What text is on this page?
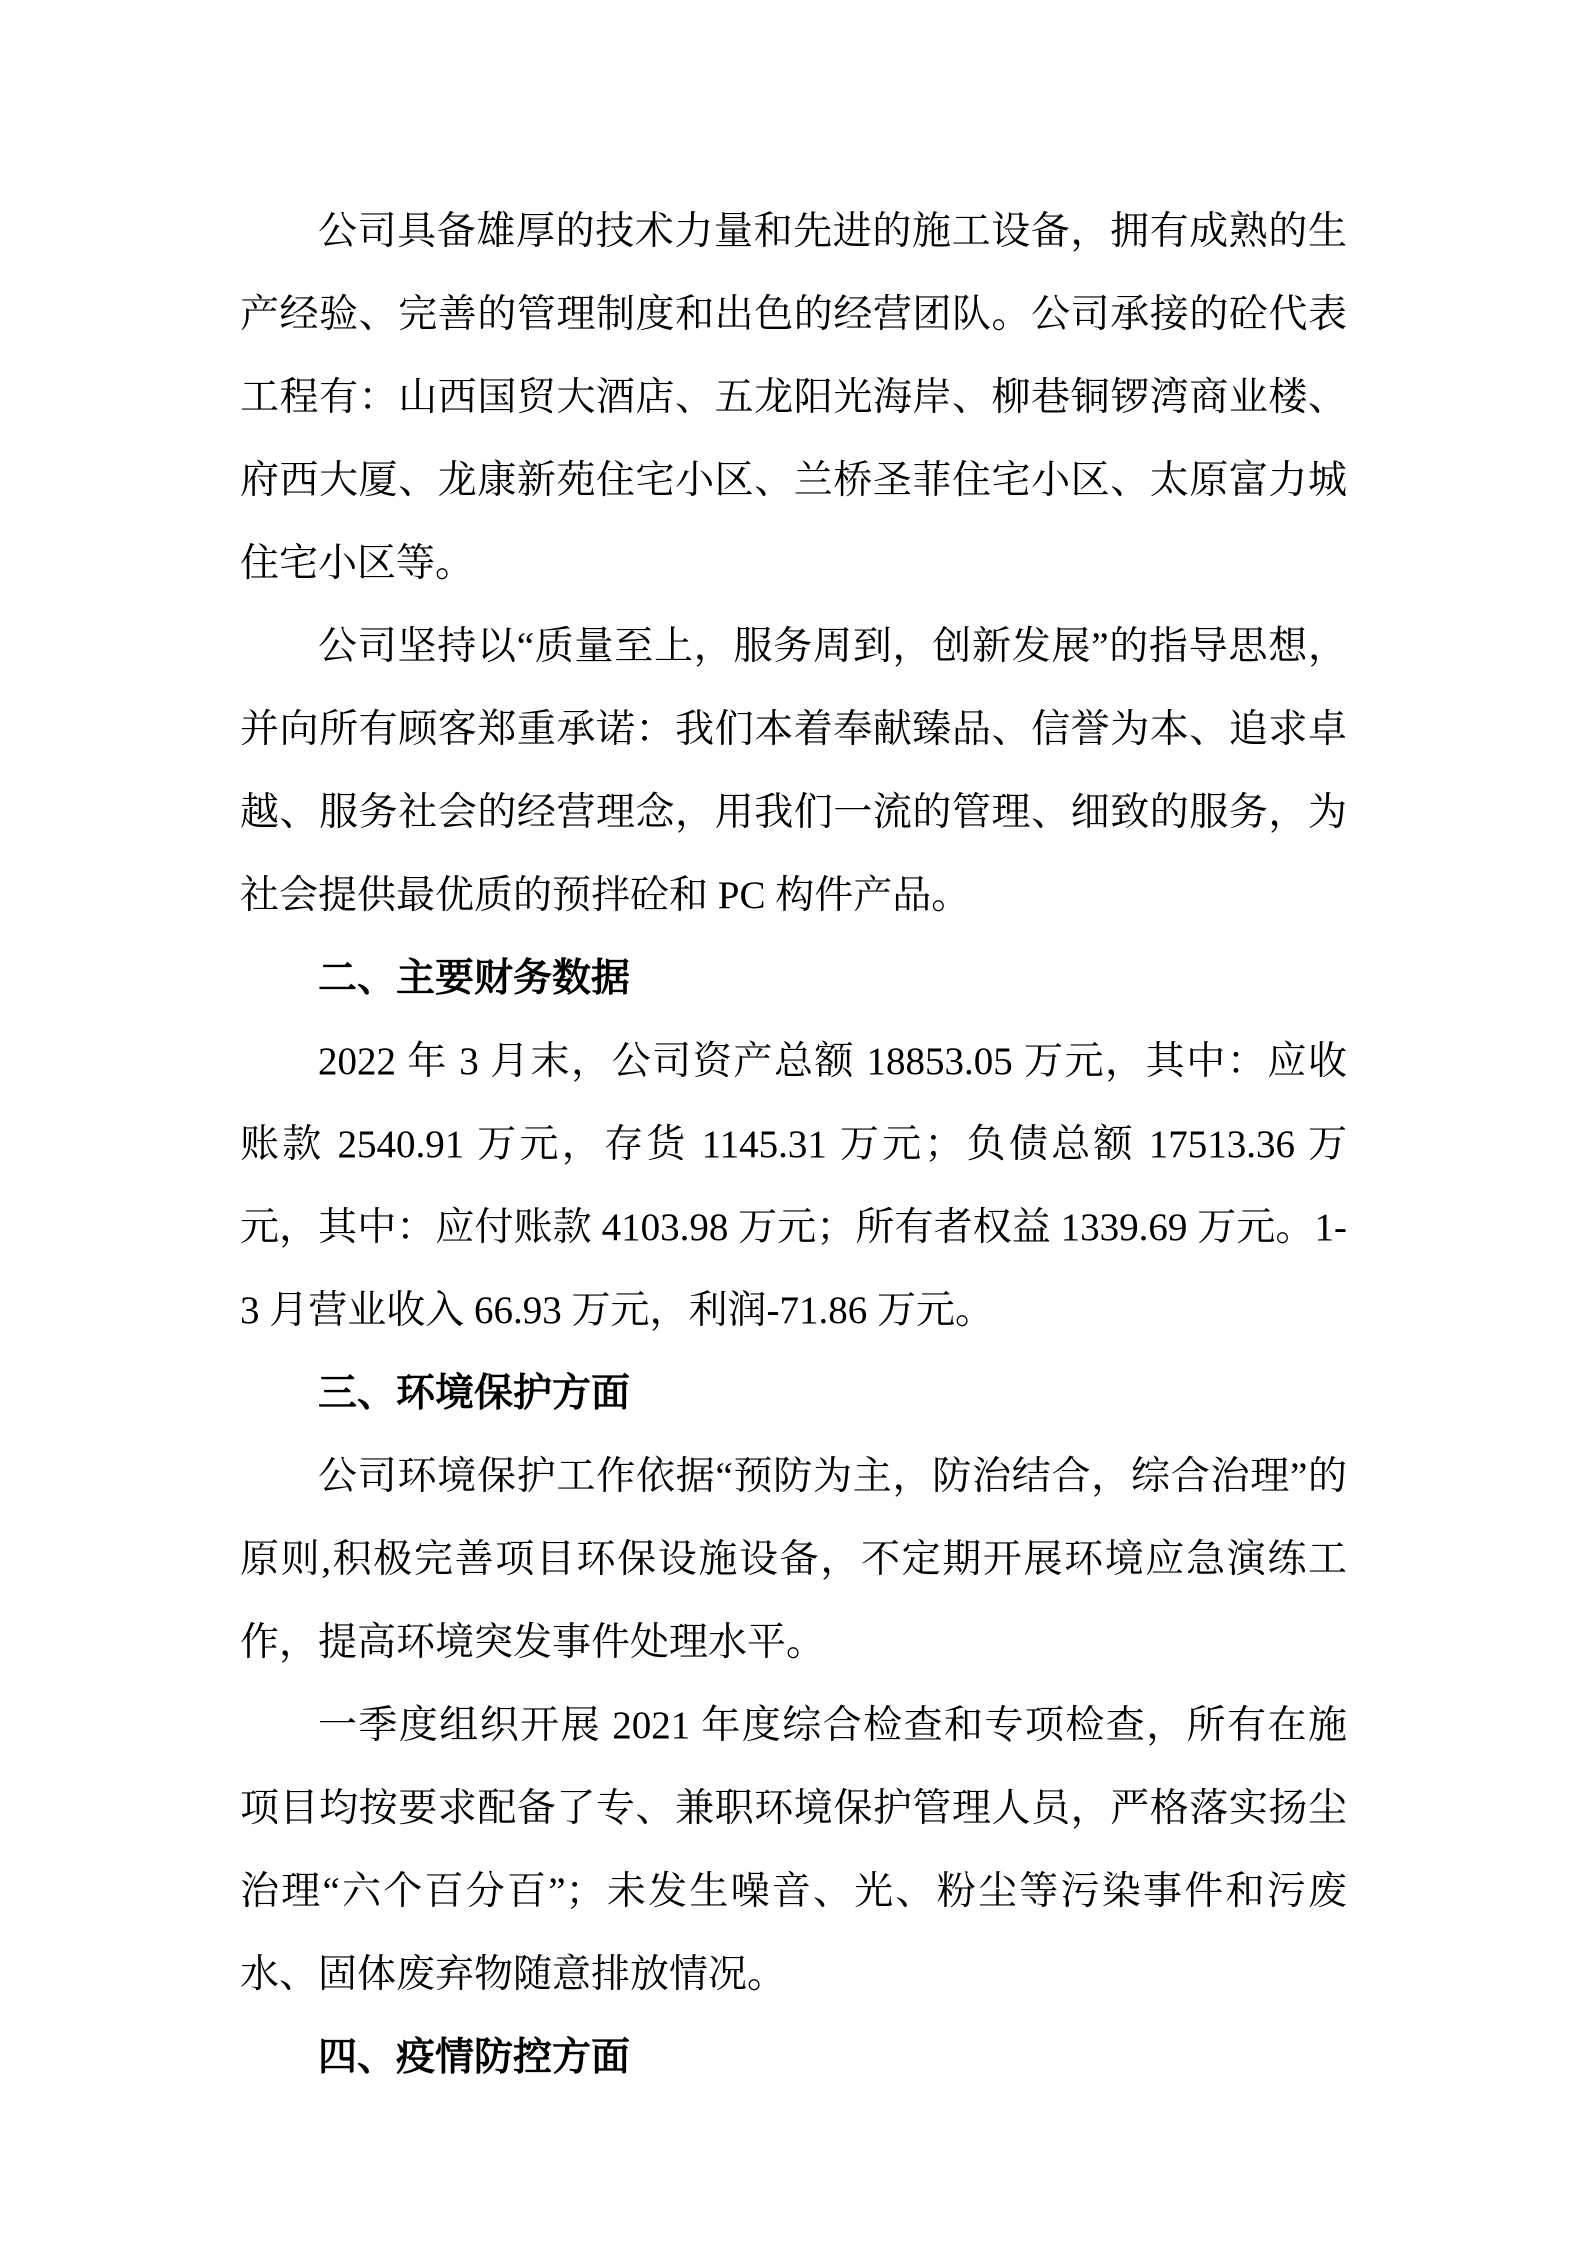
公司具备雄厚的技术力量和先进的施工设备，拥有成熟的生产经验、完善的管理制度和出色的经营团队。公司承接的砼代表工程有：山西国贸大酒店、五龙阳光海岸、柳巷铜锣湾商业楼、府西大厦、龙康新苑住宅小区、兰桥圣菲住宅小区、太原富力城住宅小区等。

公司坚持以“质量至上，服务周到，创新发展”的指导思想，并向所有顾客郑重承诺：我们本着奉献臻品、信誉为本、追求卓越、服务社会的经营理念，用我们一流的管理、细致的服务，为社会提供最优质的预拌砼和 PC 构件产品。

二、主要财务数据

2022 年 3 月末，公司资产总额 18853.05 万元，其中：应收账款 2540.91 万元，存货 1145.31 万元；负债总额 17513.36 万元，其中：应付账款 4103.98 万元；所有者权益 1339.69 万元。1-3 月营业收入 66.93 万元，利润-71.86 万元。

三、环境保护方面

公司环境保护工作依据“预防为主，防治结合，综合治理”的原则,积极完善项目环保设施设备，不定期开展环境应急演练工作，提高环境突发事件处理水平。

一季度组织开展 2021 年度综合检查和专项检查，所有在施项目均按要求配备了专、兼职环境保护管理人员，严格落实扬尘治理“六个百分百”；未发生噪音、光、粉尘等污染事件和污废水、固体废弃物随意排放情况。

四、疫情防控方面
